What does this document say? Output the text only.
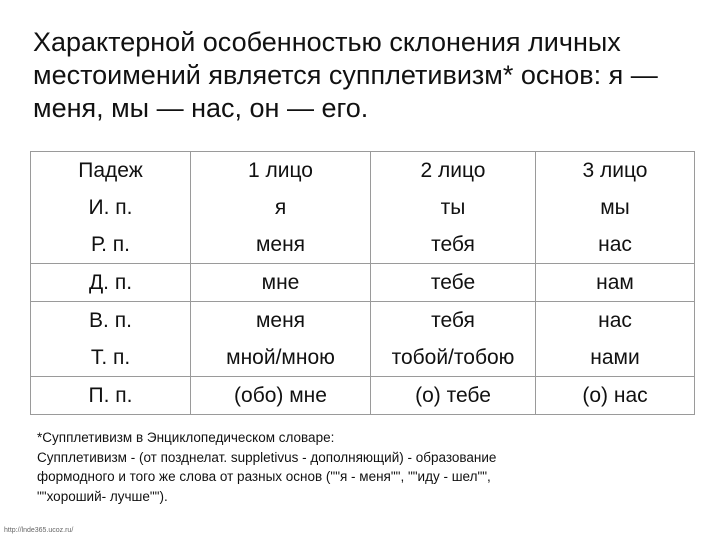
Характерной особенностью склонения личных
местоимений является супплетивизм* основ: я —
меня, мы — нас, он — его.
Падеж	1 лицо	2 лицо	3 лицо
И. п.	я	ты	мы
Р. п.	меня	тебя	нас
Д. п.	мне	тебе	нам
В. п.	меня	тебя	нас
Т. п.	мной/мною	тобой/тобою	нами
П. п.	(обо) мне	(о) тебе	(о) нас

*Супплетивизм в Энциклопедическом словаре:
Супплетивизм - (от позднелат. suppletivus - дополняющий) - образование
формодного и того же слова от разных основ (""я - меня"", ""иду - шел"",
""хороший- лучше"").

http://lnde365.ucoz.ru/
